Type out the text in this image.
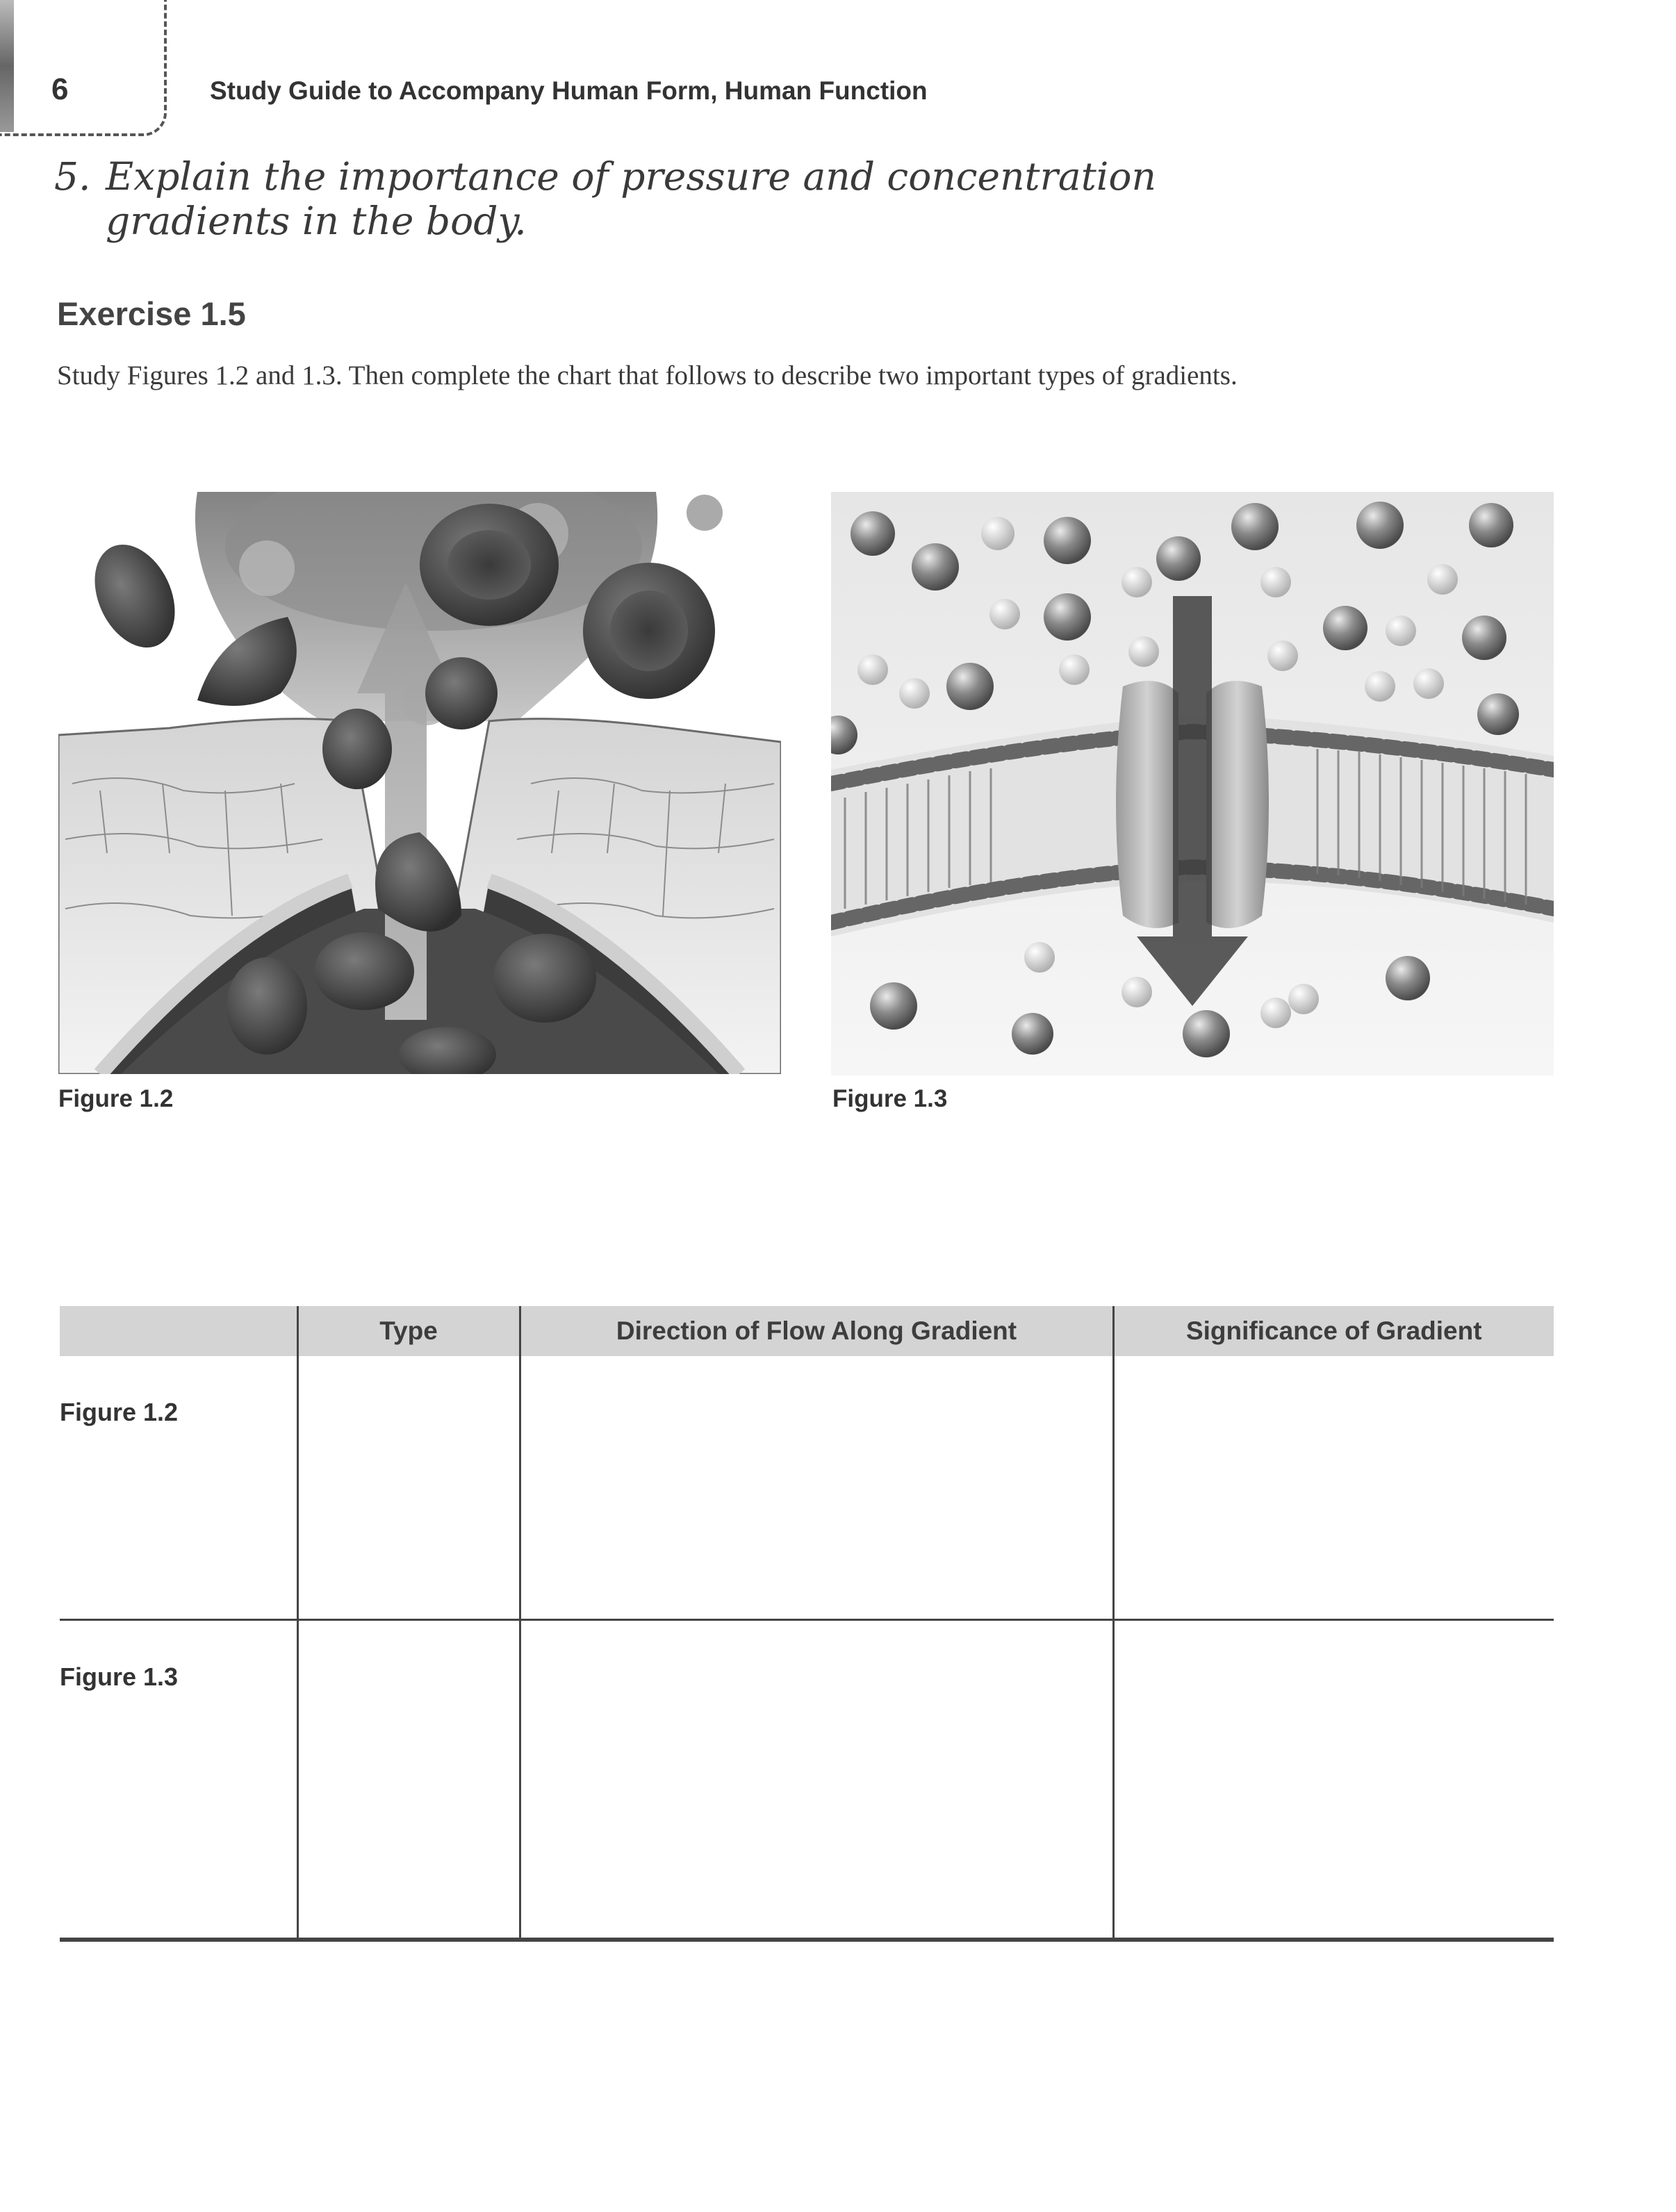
6	Study Guide to Accompany Human Form, Human Function
5. Explain the importance of pressure and concentration
gradients in the body.
Exercise 1.5
Study Figures 1.2 and 1.3. Then complete the chart that follows to describe two important types of gradients.
Figure 1.2	Figure 1.3
	Type	Direction of Flow Along Gradient	Significance of Gradient
Figure 1.2			
Figure 1.3			
